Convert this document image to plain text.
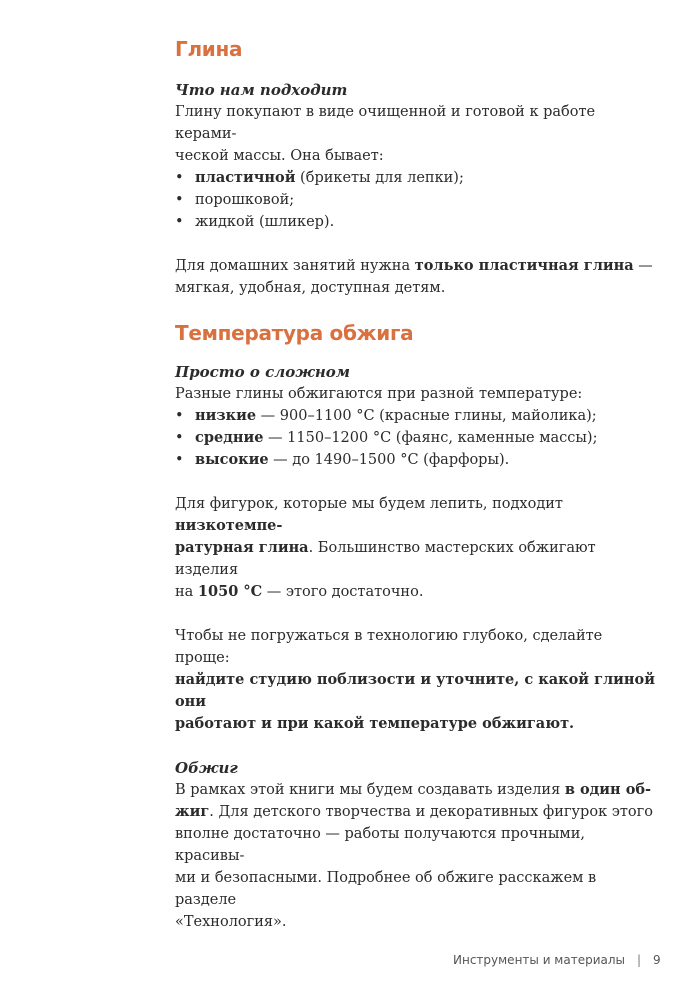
Глина
Что нам подходит

Глину покупают в виде очищенной и готовой к работе керами-
ческой массы. Она бывает:

• пластичной (брикеты для лепки);
• порошковой;
• жидкой (шликер).

Для домашних занятий нужна только пластичная глина —
мягкая, удобная, доступная детям.

Температура обжига
Просто о сложном

Разные глины обжигаются при разной температуре:

• низкие — 900–1100 °С (красные глины, майолика);
• средние — 1150–1200 °С (фаянс, каменные массы);
• высокие — до 1490–1500 °С (фарфоры).

Для фигурок, которые мы будем лепить, подходит низкотемпе-
ратурная глина. Большинство мастерских обжигают изделия
на 1050 °С — этого достаточно.

Чтобы не погружаться в технологию глубоко, сделайте проще:
найдите студию поблизости и уточните, с какой глиной они
работают и при какой температуре обжигают.

Обжиг

В рамках этой книги мы будем создавать изделия в один об-
жиг. Для детского творчества и декоративных фигурок этого
вполне достаточно — работы получаются прочными, красивы-
ми и безопасными. Подробнее об обжиге расскажем в разделе
«Технология».

Инструменты и материалы | 9
